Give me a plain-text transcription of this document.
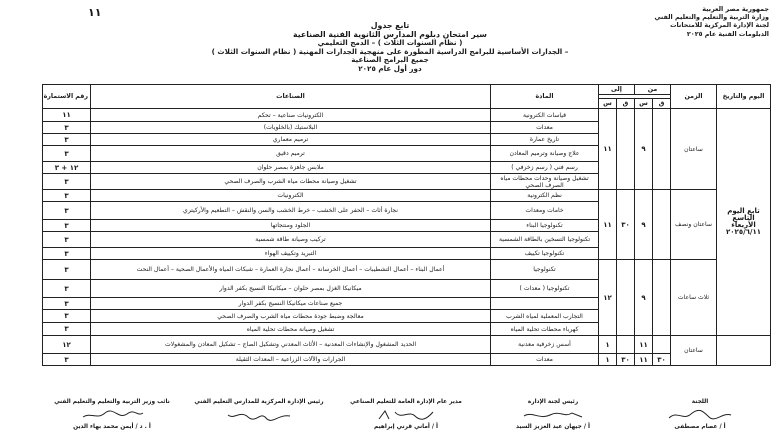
١١	جمهورية مصر العربية
وزارة التربية والتعليم والتعليم الفني
لجنة الإدارة المركزية للامتحانات
الدبلومات الفنية عام ٢٠٢٥
تابع جدول
سير امتحان دبلوم المدارس الثانوية الفنية الصناعية
( نظام السنوات الثلاث ) – الدمج التعليمي
– الجدارات الأساسية للبرامج الدراسية المطورة على منهجية الجدارات المهنية ( نظام السنوات الثلاث )
جميع البرامج الصناعية
دور أول عام ٢٠٢٥
اليوم والتاريخ	الزمن	من		إلى		المادة	الصناعات	رقم الاستمارة

		ق	س	ق	س			
تابع اليوم التاسع الأربعاء ٢٠٢٥/٦/١١	ساعتان		٩		١١	قياسات الكترونية	الكترونيات صناعية – تحكم	١١
						معدات	البلاستيك (بالخلويات)	٣
						تاريخ عمارة	ترميم معماري	٣
						علاج وصيانة وترميم المعادن	ترميم دقيق	٣
						رسم فني ( رسم زخرفي )	ملابس جاهزة بمصر حلوان	١٢ + ٣
						تشغيل وصيانة وحدات محطات مياه الصرف الصحي	تشغيل وصيانة محطات مياه الشرب والصرف الصحي	٣
	ساعتان ونصف		٩	٣٠	١١	نظم الكترونية	الكترونيات	٣
						خامات ومعدات	نجارة أثاث – الحفر على الخشب – خرط الخشب والسن والنقش – التطعيم والأركيتري	٣
						تكنولوجيا البناء	الجلود ومنتجاتها	٣
						تكنولوجيا التسخين بالطاقة الشمسية	تركيب وصيانة طاقة شمسية	٣
						تكنولوجيا تكييف	التبريد وتكييف الهواء	٣
	ثلاث ساعات		٩		١٢	تكنولوجيا	أعمال البناء – أعمال التشطيبات – أعمال الخرسانة – أعمال نجارة العمارة – شبكات المياه والأعمال الصحية – أعمال النحت	٣
						تكنولوجيا ( معدات )	ميكانيكا الغزل بمصر حلوان – ميكانيكا النسيج بكفر الدوار	٣
							جميع صناعات ميكانيكا النسيج بكفر الدوار	٣
						التجارب المعملية لمياه الشرب	معالجة وضبط جودة محطات مياه الشرب والصرف الصحي	٣
						كهرباء محطات تحلية المياه	تشغيل وصيانة محطات تحلية المياه	٣
	ساعتان		١١		١	أسس زخرفية معدنية	الحديد المشغول والإنشاءات المعدنية – الأثاث المعدني وتشكيل الصاج – تشكيل المعادن والمشغولات	١٢
		٣٠	١١	٣٠	١	معدات	الجرارات والآلات الزراعية – المعدات الثقيلة	٣
اللجنة
أ / عصام مصطفى
رئيس لجنة الإدارة
أ / جيهان عبد العزيز السيد
مدير عام الإدارة العامة للتعليم الصناعي
أ / أماني قرني إبراهيم
رئيس الإدارة المركزية للمدارس التعليم الفني
نائب وزير التربية والتعليم والتعليم الفني
أ . د / أيمن محمد بهاء الدين
